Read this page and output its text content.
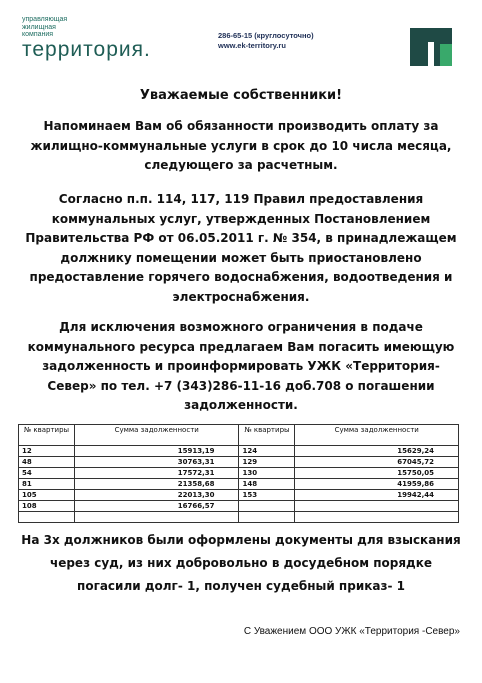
управляющая жилищная компания
территория.
286-65-15 (круглосуточно)
www.ek-territory.ru
Уважаемые собственники!
Напоминаем Вам об обязанности производить оплату за жилищно-коммунальные услуги в срок до 10 числа месяца, следующего за расчетным.
Согласно п.п. 114, 117, 119 Правил предоставления коммунальных услуг, утвержденных Постановлением Правительства РФ от 06.05.2011 г. № 354, в принадлежащем должнику помещении может быть приостановлено предоставление горячего водоснабжения, водоотведения и электроснабжения.
Для исключения возможного ограничения в подаче коммунального ресурса предлагаем Вам погасить имеющую задолженность и проинформировать УЖК «Территория-Север» по тел. +7 (343)286-11-16 доб.708 о погашении задолженности.
№ квартиры	Сумма задолженности	№ квартиры	Сумма задолженности
12	15913,19	124	15629,24
48	30763,31	129	67045,72
54	17572,31	130	15750,05
81	21358,68	148	41959,86
105	22013,30	153	19942,44
108	16766,57		

На 3х должников были оформлены документы для взыскания через суд, из них добровольно в досудебном порядке погасили долг- 1, получен судебный приказ- 1
С Уважением ООО УЖК «Территория -Север»
